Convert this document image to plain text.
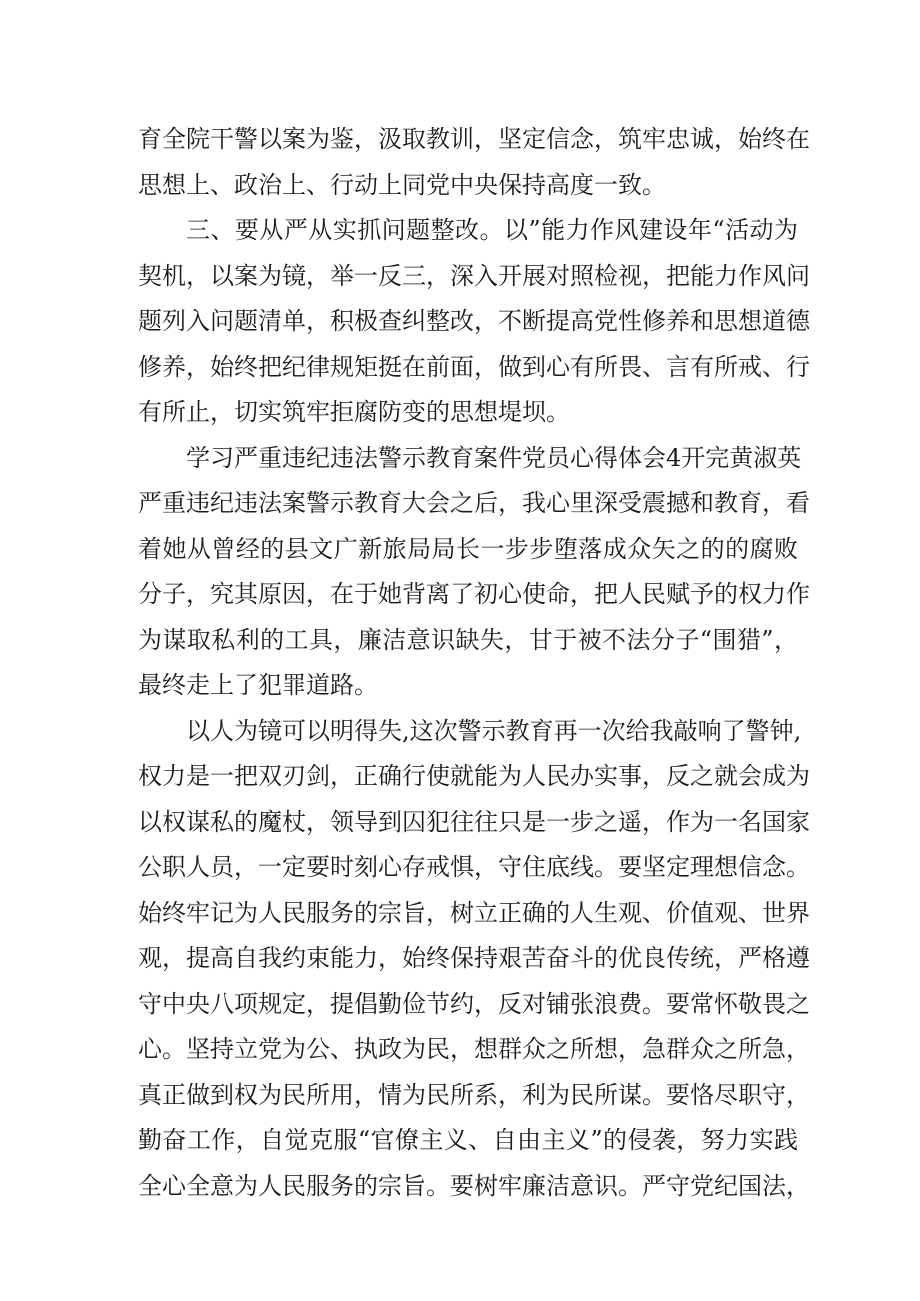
育全院干警以案为鉴，汲取教训，坚定信念，筑牢忠诚，始终在
思想上、政治上、行动上同党中央保持高度一致。
三、要从严从实抓问题整改。以”能力作风建设年“活动为
契机，以案为镜，举一反三，深入开展对照检视，把能力作风问
题列入问题清单，积极查纠整改，不断提高党性修养和思想道德
修养，始终把纪律规矩挺在前面，做到心有所畏、言有所戒、行
有所止，切实筑牢拒腐防变的思想堤坝。
学习严重违纪违法警示教育案件党员心得体会4开完黄淑英
严重违纪违法案警示教育大会之后，我心里深受震撼和教育，看
着她从曾经的县文广新旅局局长一步步堕落成众矢之的的腐败
分子，究其原因，在于她背离了初心使命，把人民赋予的权力作
为谋取私利的工具，廉洁意识缺失，甘于被不法分子“围猎”，
最终走上了犯罪道路。
以人为镜可以明得失,这次警示教育再一次给我敲响了警钟,
权力是一把双刃剑，正确行使就能为人民办实事，反之就会成为
以权谋私的魔杖，领导到囚犯往往只是一步之遥，作为一名国家
公职人员，一定要时刻心存戒惧，守住底线。要坚定理想信念。
始终牢记为人民服务的宗旨，树立正确的人生观、价值观、世界
观，提高自我约束能力，始终保持艰苦奋斗的优良传统，严格遵
守中央八项规定，提倡勤俭节约，反对铺张浪费。要常怀敬畏之
心。坚持立党为公、执政为民，想群众之所想，急群众之所急，
真正做到权为民所用，情为民所系，利为民所谋。要恪尽职守，
勤奋工作，自觉克服“官僚主义、自由主义”的侵袭，努力实践
全心全意为人民服务的宗旨。要树牢廉洁意识。严守党纪国法，
